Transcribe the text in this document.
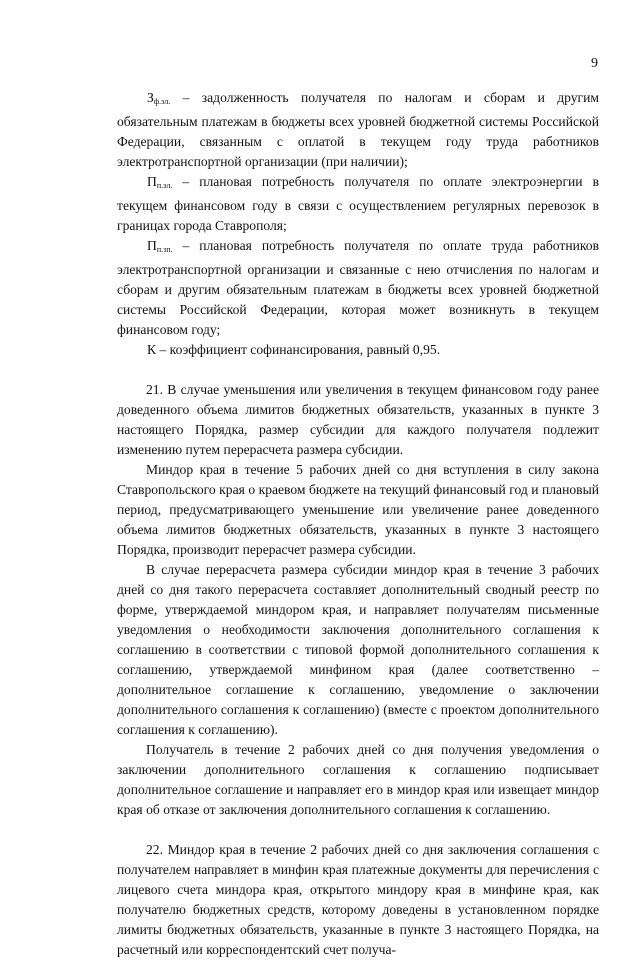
9

$З_{ф.эл.}$ – задолженность получателя по налогам и сборам и другим обязательным платежам в бюджеты всех уровней бюджетной системы Российской Федерации, связанным с оплатой в текущем году труда работников электротранспортной организации (при наличии);

$П_{п.эл.}$ – плановая потребность получателя по оплате электроэнергии в текущем финансовом году в связи с осуществлением регулярных перевозок в границах города Ставрополя;

$П_{п.зп.}$ – плановая потребность получателя по оплате труда работников электротранспортной организации и связанные с нею отчисления по налогам и сборам и другим обязательным платежам в бюджеты всех уровней бюджетной системы Российской Федерации, которая может возникнуть в текущем финансовом году;

К – коэффициент софинансирования, равный 0,95.

21. В случае уменьшения или увеличения в текущем финансовом году ранее доведенного объема лимитов бюджетных обязательств, указанных в пункте 3 настоящего Порядка, размер субсидии для каждого получателя подлежит изменению путем перерасчета размера субсидии.

Миндор края в течение 5 рабочих дней со дня вступления в силу закона Ставропольского края о краевом бюджете на текущий финансовый год и плановый период, предусматривающего уменьшение или увеличение ранее доведенного объема лимитов бюджетных обязательств, указанных в пункте 3 настоящего Порядка, производит перерасчет размера субсидии.

В случае перерасчета размера субсидии миндор края в течение 3 рабочих дней со дня такого перерасчета составляет дополнительный сводный реестр по форме, утверждаемой миндором края, и направляет получателям письменные уведомления о необходимости заключения дополнительного соглашения к соглашению в соответствии с типовой формой дополнительного соглашения к соглашению, утверждаемой минфином края (далее соответственно – дополнительное соглашение к соглашению, уведомление о заключении дополнительного соглашения к соглашению) (вместе с проектом дополнительного соглашения к соглашению).

Получатель в течение 2 рабочих дней со дня получения уведомления о заключении дополнительного соглашения к соглашению подписывает дополнительное соглашение и направляет его в миндор края или извещает миндор края об отказе от заключения дополнительного соглашения к соглашению.

22. Миндор края в течение 2 рабочих дней со дня заключения соглашения с получателем направляет в минфин края платежные документы для перечисления с лицевого счета миндора края, открытого миндору края в минфине края, как получателю бюджетных средств, которому доведены в установленном порядке лимиты бюджетных обязательств, указанные в пункте 3 настоящего Порядка, на расчетный или корреспондентский счет получа-
